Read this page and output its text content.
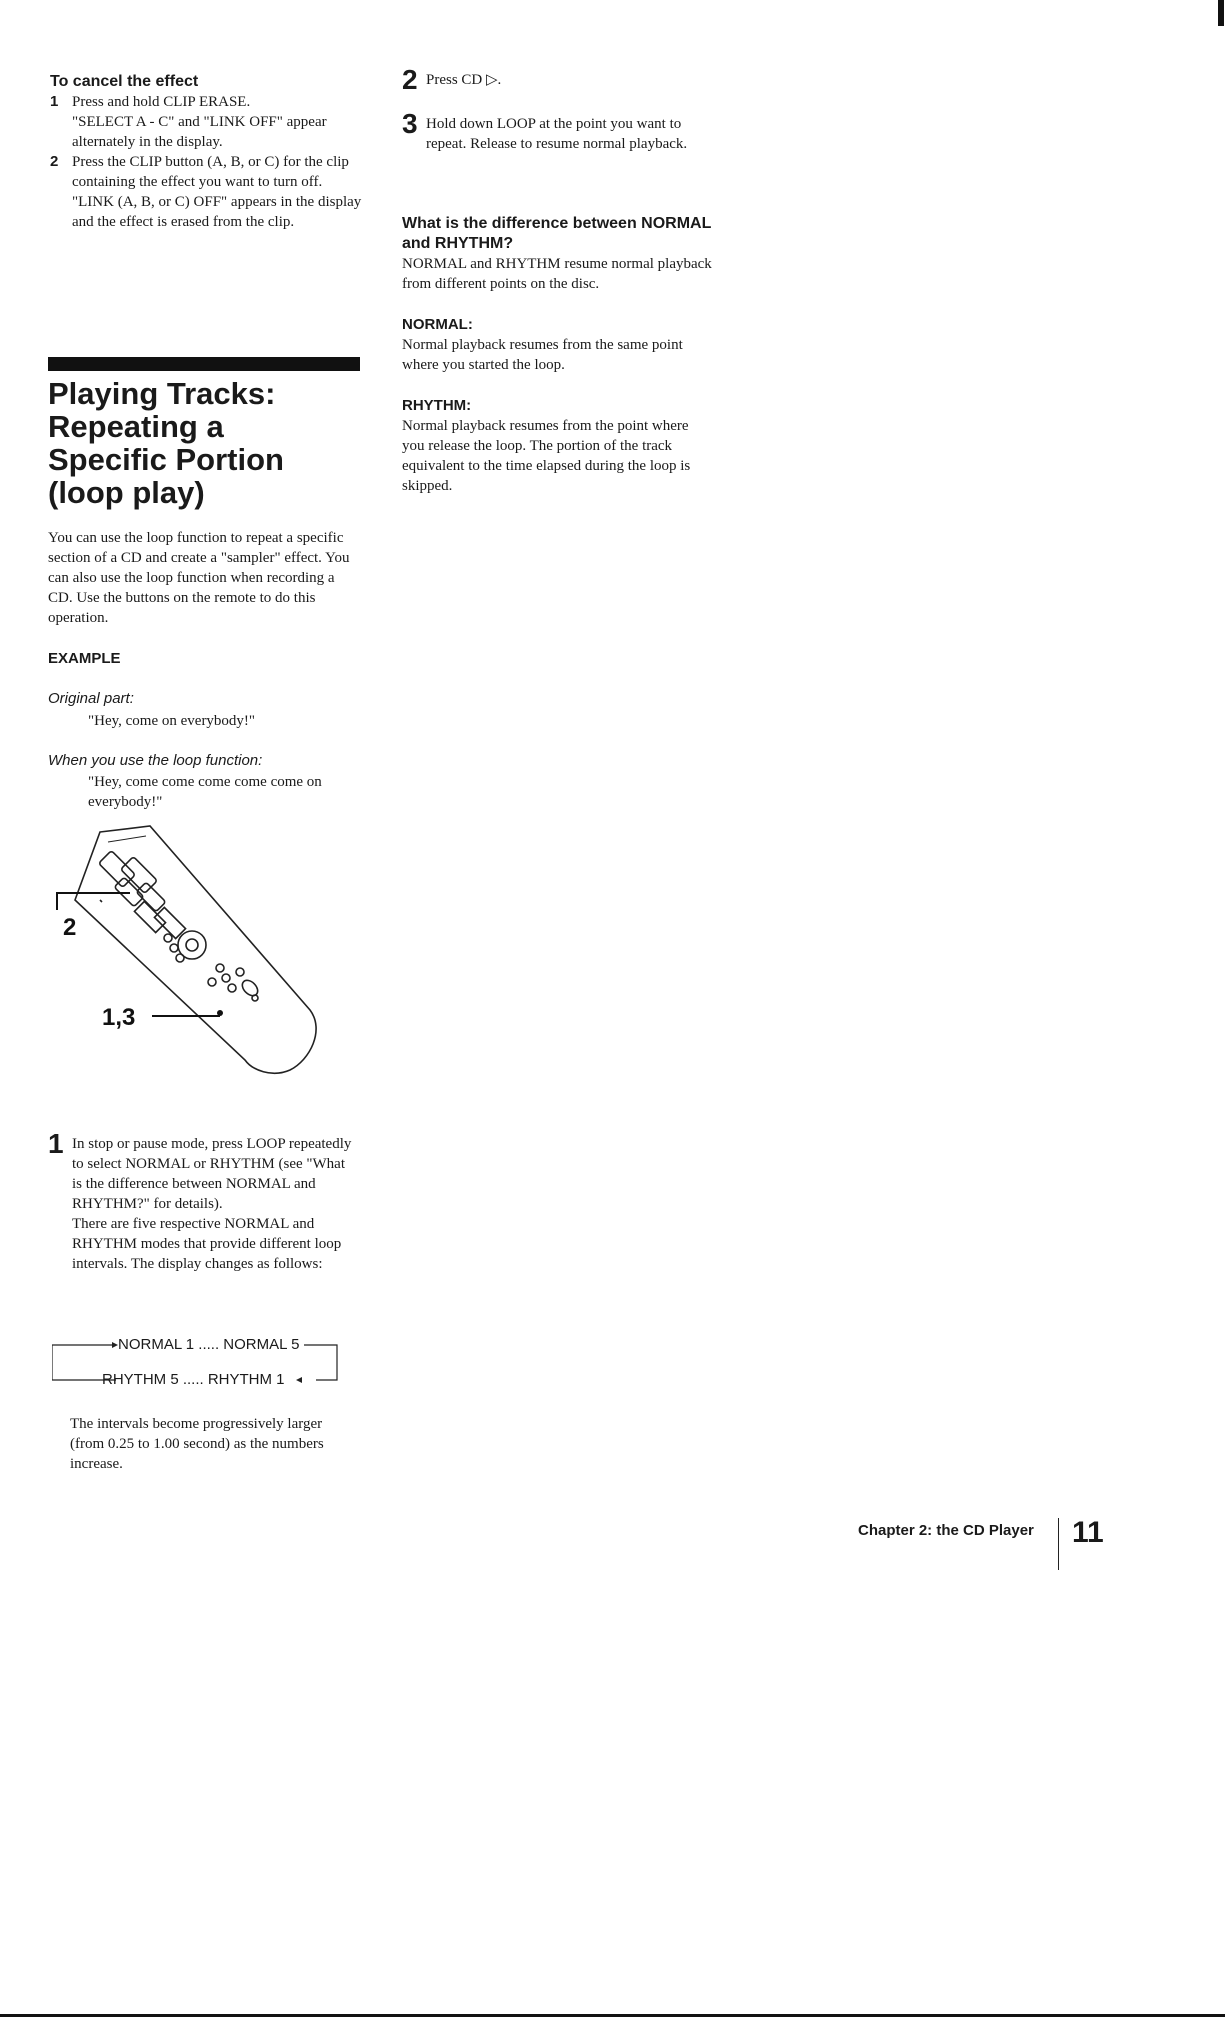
To cancel the effect
1 Press and hold CLIP ERASE.
"SELECT A - C" and "LINK OFF" appear alternately in the display.
2 Press the CLIP button (A, B, or C) for the clip containing the effect you want to turn off.
"LINK (A, B, or C) OFF" appears in the display and the effect is erased from the clip.
Playing Tracks: Repeating a Specific Portion (loop play)
You can use the loop function to repeat a specific section of a CD and create a "sampler" effect. You can also use the loop function when recording a CD. Use the buttons on the remote to do this operation.
EXAMPLE
Original part:
"Hey, come on everybody!"
When you use the loop function:
"Hey, come come come come come on everybody!"
2
1,3
1 In stop or pause mode, press LOOP repeatedly to select NORMAL or RHYTHM (see "What is the difference between NORMAL and RHYTHM?" for details).
There are five respective NORMAL and RHYTHM modes that provide different loop intervals. The display changes as follows:
NORMAL 1 ..... NORMAL 5
RHYTHM 5 ..... RHYTHM 1
The intervals become progressively larger (from 0.25 to 1.00 second) as the numbers increase.
2 Press CD ▷.
3 Hold down LOOP at the point you want to repeat. Release to resume normal playback.
What is the difference between NORMAL and RHYTHM?
NORMAL and RHYTHM resume normal playback from different points on the disc.
NORMAL:
Normal playback resumes from the same point where you started the loop.
RHYTHM:
Normal playback resumes from the point where you release the loop. The portion of the track equivalent to the time elapsed during the loop is skipped.
Chapter 2: the CD Player 11
